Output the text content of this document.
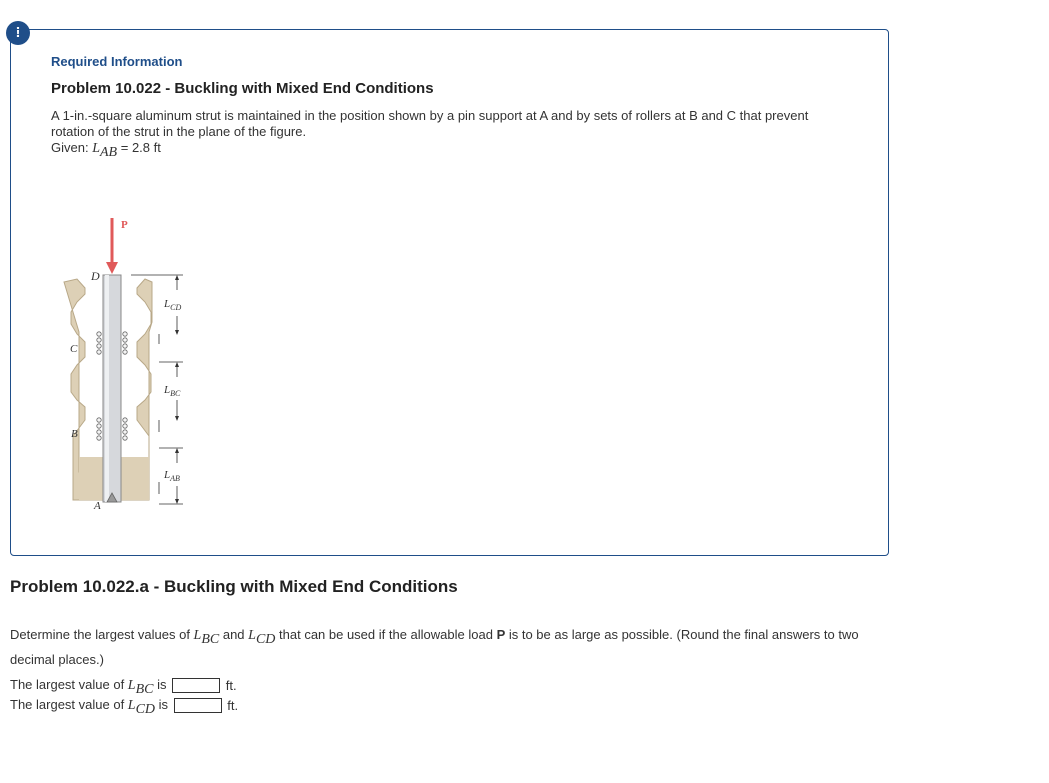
!
Required Information
Problem 10.022 - Buckling with Mixed End Conditions
A 1-in.-square aluminum strut is maintained in the position shown by a pin support at A and by sets of rollers at B and C that prevent rotation of the strut in the plane of the figure.
Given: $L_{AB} = 2.8$ ft
P
D
C
B
A
$L_{CD}$
$L_{BC}$
$L_{AB}$
Problem 10.022.a - Buckling with Mixed End Conditions
Determine the largest values of $L_{BC}$ and $L_{CD}$ that can be used if the allowable load P is to be as large as possible. (Round the final answers to two decimal places.)
The largest value of $L_{BC}$ is	ft.
The largest value of $L_{CD}$ is	ft.
